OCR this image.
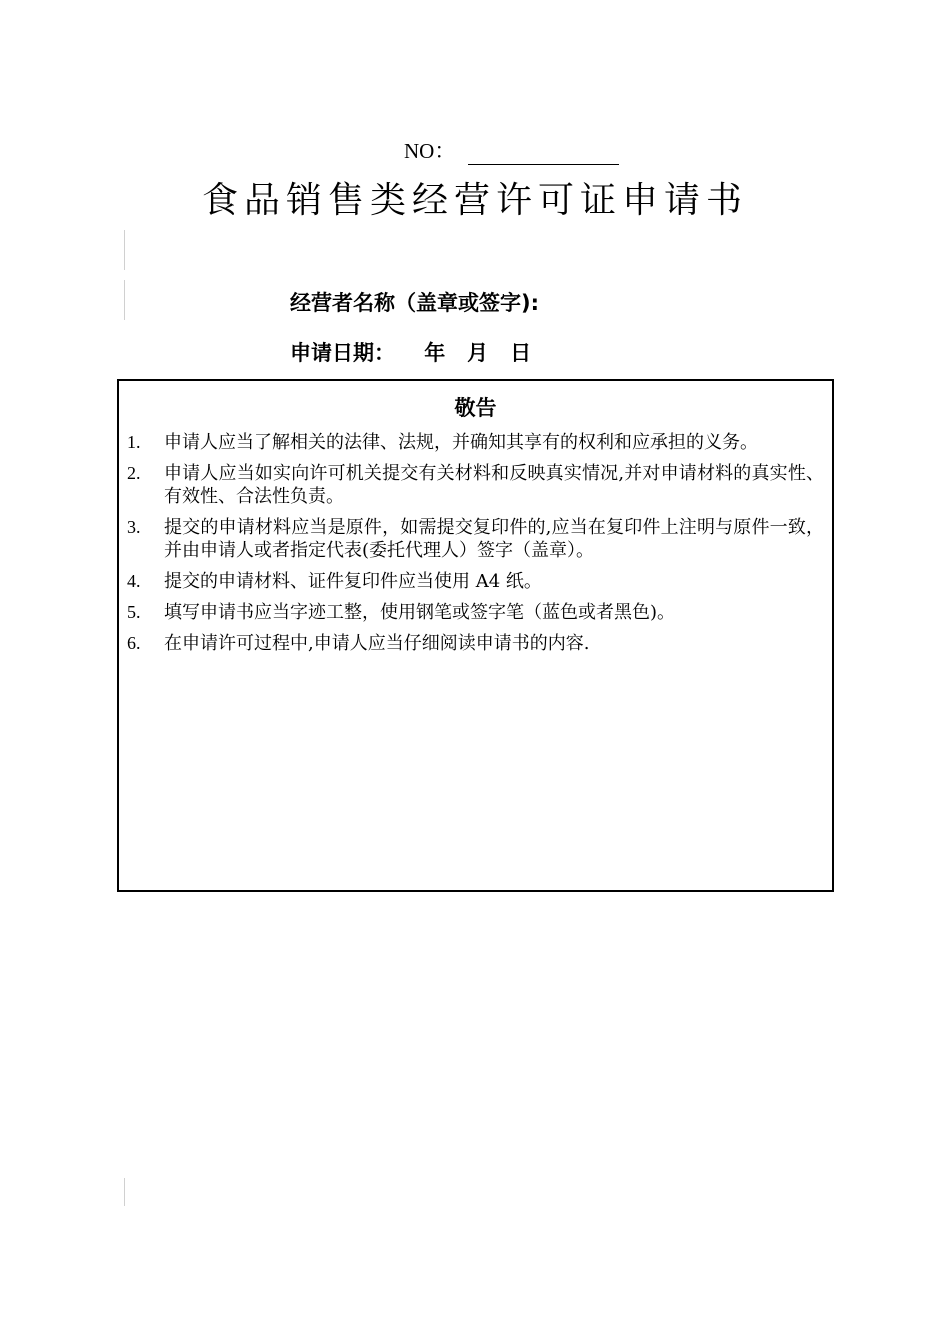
NO：
食品销售类经营许可证申请书
经营者名称（盖章或签字):
申请日期：    年   月   日
敬告
1. 申请人应当了解相关的法律、法规，并确知其享有的权利和应承担的义务。
2. 申请人应当如实向许可机关提交有关材料和反映真实情况,并对申请材料的真实性、有效性、合法性负责。
3. 提交的申请材料应当是原件，如需提交复印件的,应当在复印件上注明与原件一致，并由申请人或者指定代表(委托代理人）签字（盖章）。
4. 提交的申请材料、证件复印件应当使用 A4 纸。
5. 填写申请书应当字迹工整，使用钢笔或签字笔（蓝色或者黑色)。
6. 在申请许可过程中,申请人应当仔细阅读申请书的内容.
